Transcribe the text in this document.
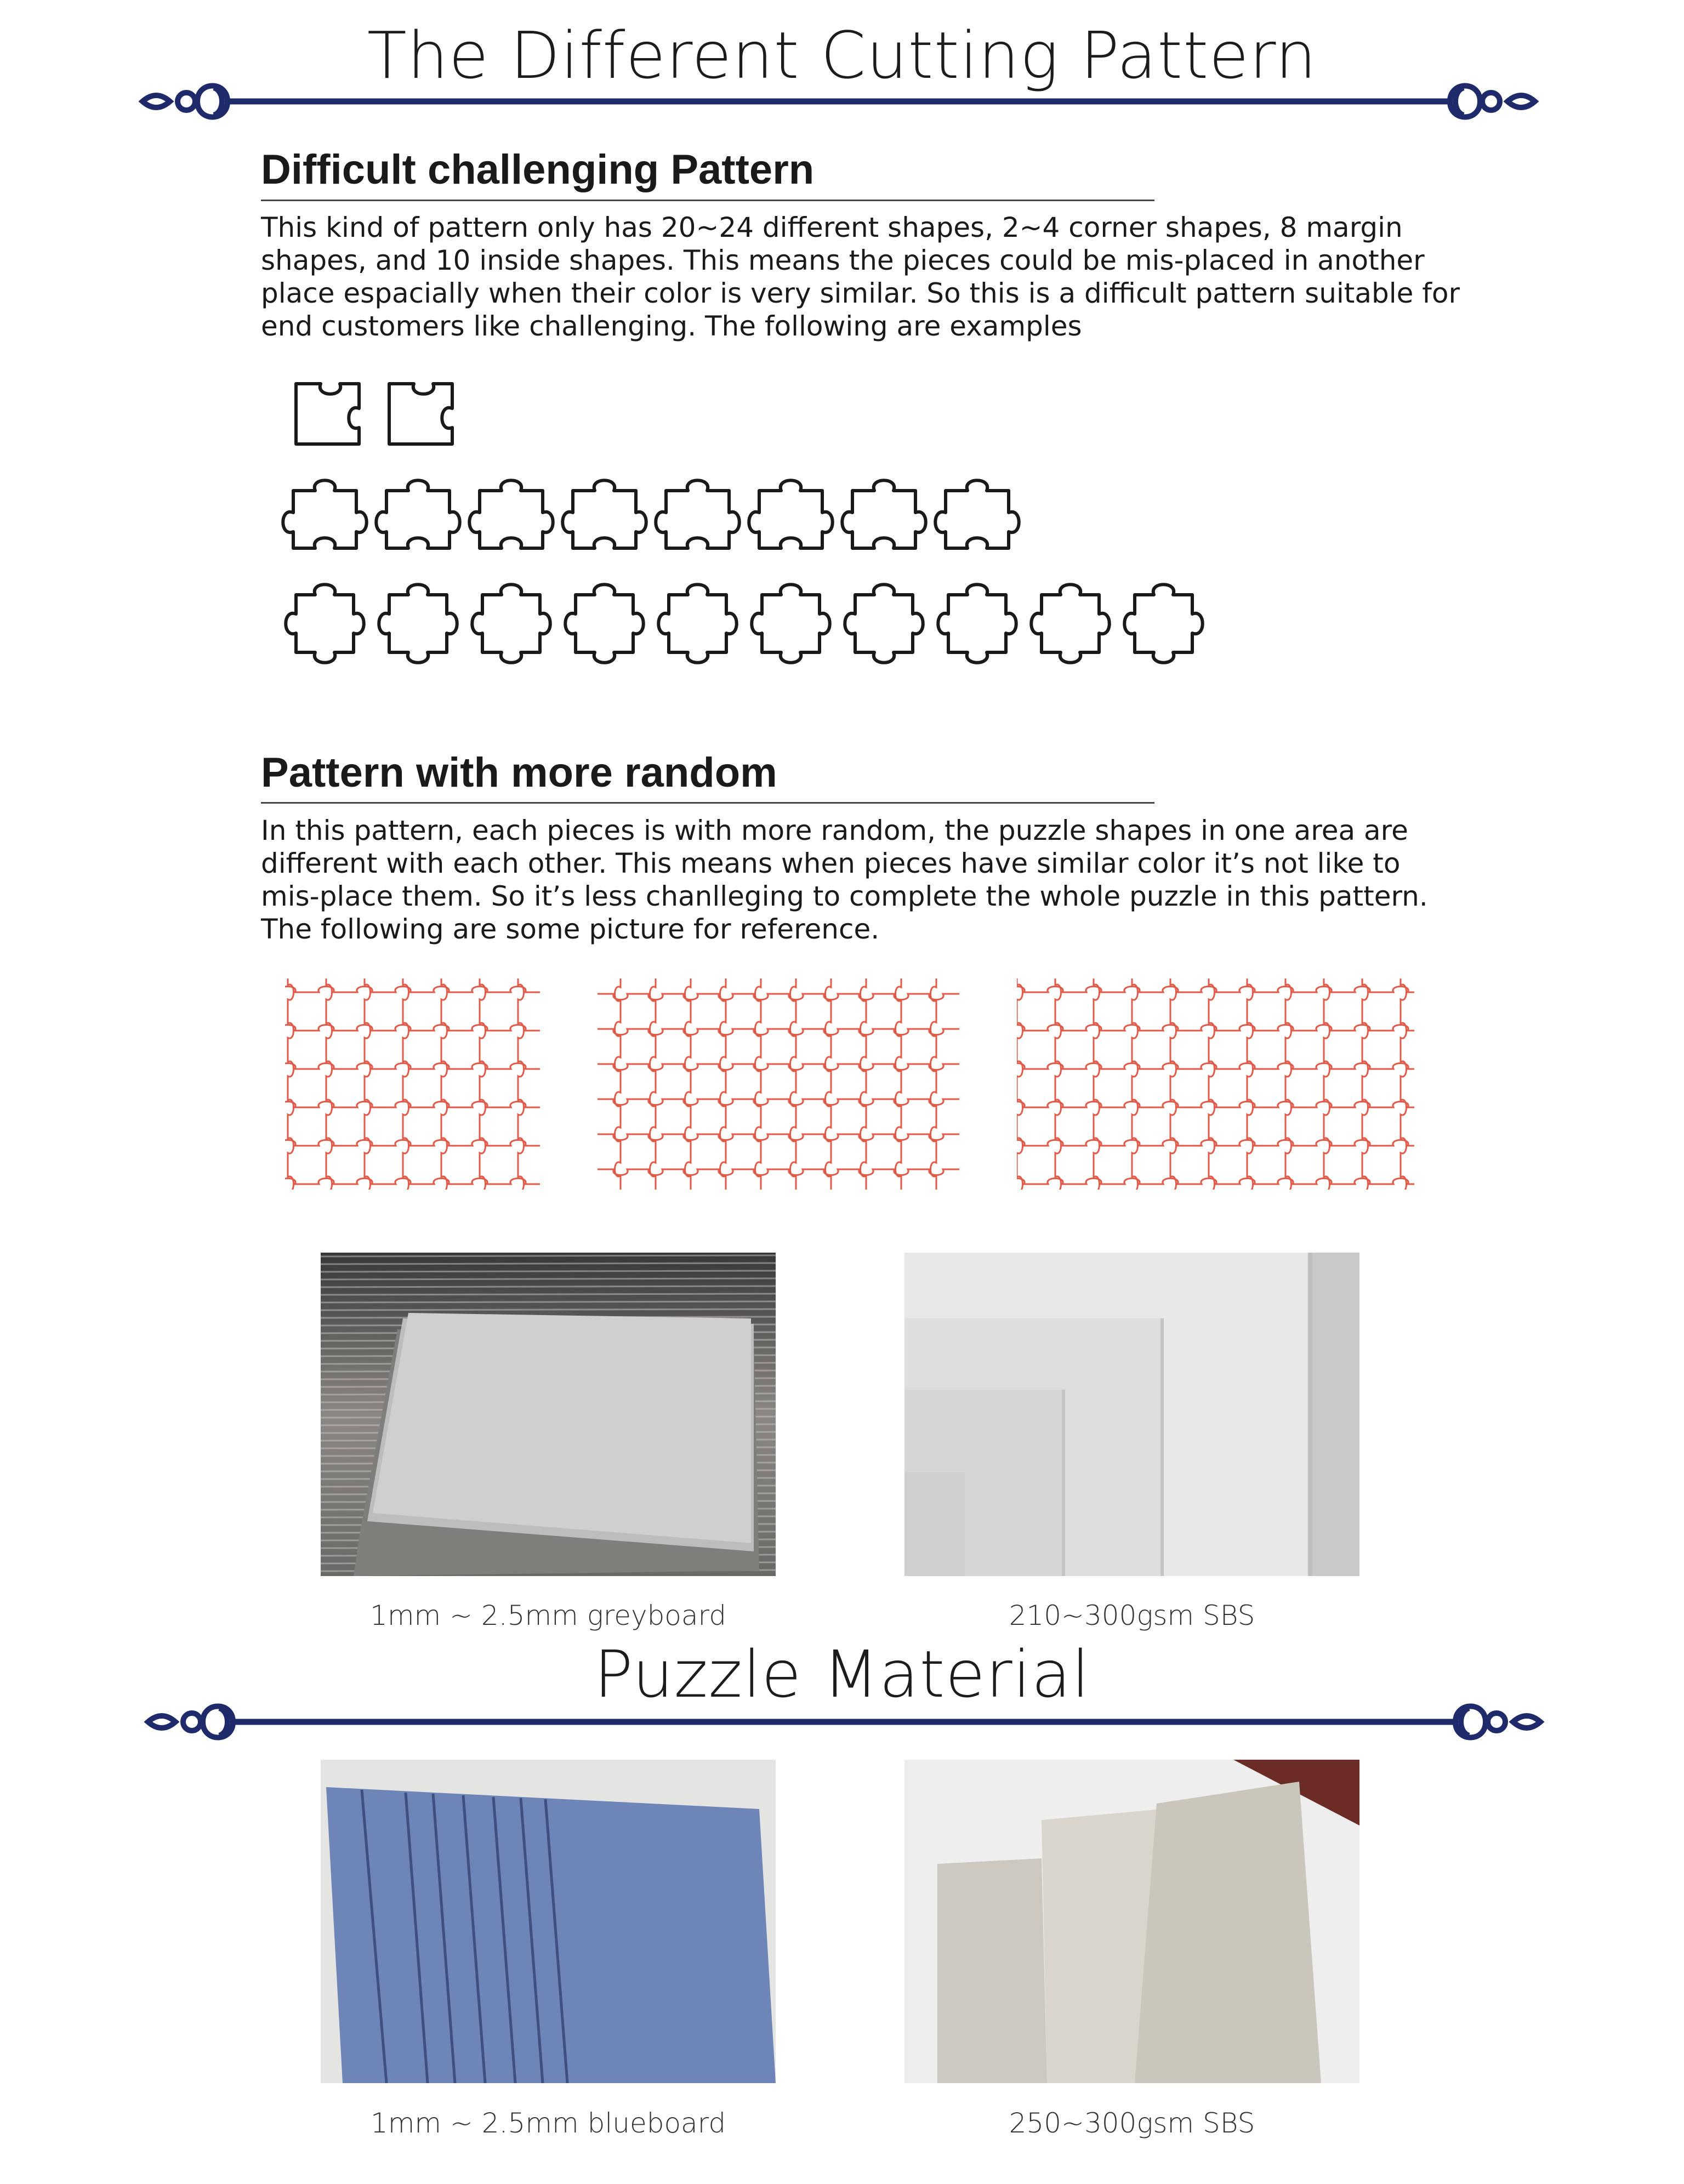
The Different Cutting Pattern
Difficult challenging Pattern
This kind of pattern only has 20~24 different shapes, 2~4 corner shapes, 8 margin
shapes, and 10 inside shapes. This means the pieces could be mis-placed in another
place espacially when their color is very similar. So this is a difficult pattern suitable for
end customers like challenging. The following are examples
Pattern with more random
In this pattern, each pieces is with more random, the puzzle shapes in one area are
different with each other. This means when pieces have similar color it’s not like to
mis-place them. So it’s less chanlleging to complete the whole puzzle in this pattern.
The following are some picture for reference.
1mm ~ 2.5mm greyboard	210~300gsm SBS
Puzzle Material
1mm ~ 2.5mm blueboard	250~300gsm SBS
